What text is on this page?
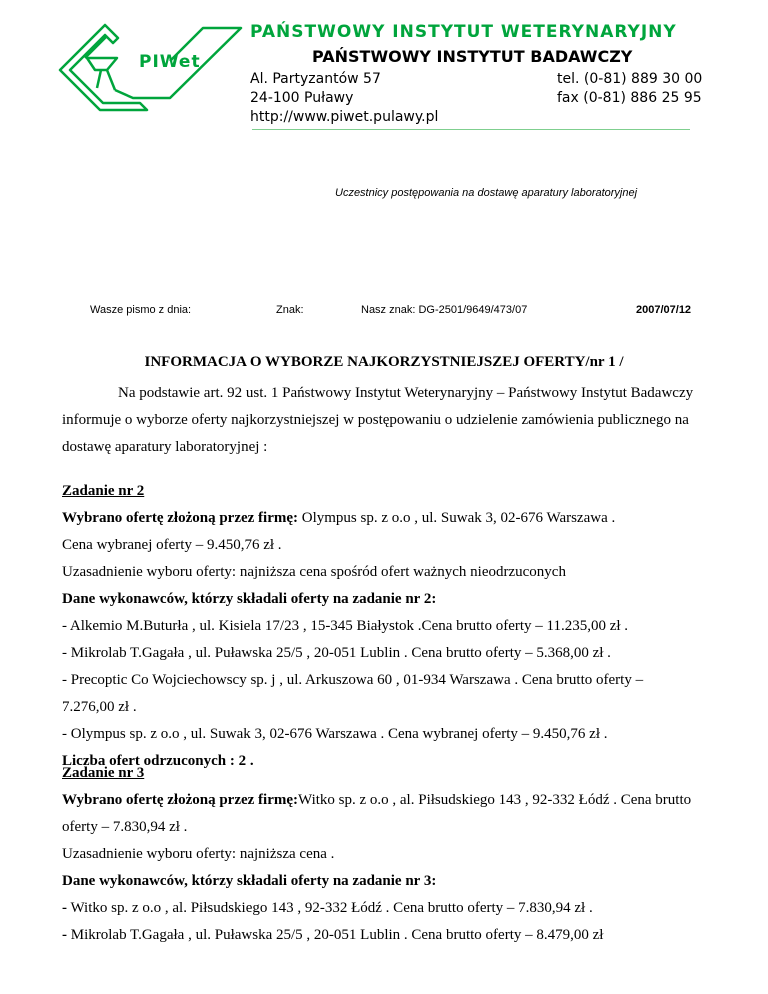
PIWet
PAŃSTWOWY INSTYTUT WETERYNARYJNY
PAŃSTWOWY INSTYTUT BADAWCZY
Al. Partyzantów 57
24-100 Puławy
http://www.piwet.pulawy.pl
tel. (0-81) 889 30 00
fax (0-81) 886 25 95
Uczestnicy postępowania na dostawę aparatury laboratoryjnej
Wasze pismo z dnia:	Znak:	Nasz znak: DG-2501/9649/473/07	2007/07/12
INFORMACJA O WYBORZE NAJKORZYSTNIEJSZEJ OFERTY/nr 1 /
Na podstawie art. 92 ust. 1 Państwowy Instytut Weterynaryjny – Państwowy Instytut Badawczy informuje o wyborze oferty najkorzystniejszej w postępowaniu o udzielenie zamówienia publicznego na dostawę aparatury laboratoryjnej :
Zadanie nr 2
Wybrano ofertę złożoną przez firmę: Olympus sp. z o.o , ul. Suwak 3, 02-676 Warszawa .
Cena wybranej oferty – 9.450,76 zł .
Uzasadnienie wyboru oferty: najniższa cena spośród ofert ważnych nieodrzuconych
Dane wykonawców, którzy składali oferty na zadanie nr 2:
- Alkemio M.Buturła , ul. Kisiela 17/23 , 15-345 Białystok .Cena brutto oferty – 11.235,00 zł .
- Mikrolab T.Gagała , ul. Puławska 25/5 , 20-051 Lublin . Cena brutto oferty – 5.368,00 zł .
- Precoptic Co Wojciechowscy sp. j , ul. Arkuszowa 60 , 01-934 Warszawa . Cena brutto oferty –
7.276,00 zł .
- Olympus sp. z o.o , ul. Suwak 3, 02-676 Warszawa . Cena wybranej oferty – 9.450,76 zł .
Liczba ofert odrzuconych : 2 .
Zadanie nr 3
Wybrano ofertę złożoną przez firmę:Witko sp. z o.o , al. Piłsudskiego 143 , 92-332 Łódź . Cena brutto
oferty – 7.830,94 zł .
Uzasadnienie wyboru oferty: najniższa cena .
Dane wykonawców, którzy składali oferty na zadanie nr 3:
- Witko sp. z o.o , al. Piłsudskiego 143 , 92-332 Łódź . Cena brutto oferty – 7.830,94 zł .
- Mikrolab T.Gagała , ul. Puławska 25/5 , 20-051 Lublin . Cena brutto oferty – 8.479,00 zł
